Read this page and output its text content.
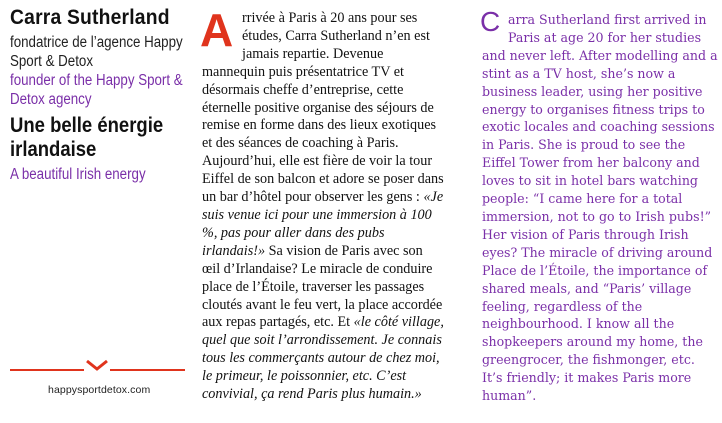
Carra Sutherland
fondatrice de l’agence Happy Sport & Detox
founder of the Happy Sport & Detox agency
Une belle énergie irlandaise
A beautiful Irish energy
happysportdetox.com
A rrivée à Paris à 20 ans pour ses études, Carra Sutherland n’en est jamais repartie. Devenue mannequin puis présentatrice TV et désormais cheffe d’entreprise, cette éternelle positive organise des séjours de remise en forme dans des lieux exotiques et des séances de coaching à Paris. Aujourd’hui, elle est fière de voir la tour Eiffel de son balcon et adore se poser dans un bar d’hôtel pour observer les gens : «Je suis venue ici pour une immersion à 100 %, pas pour aller dans des pubs irlandais!» Sa vision de Paris avec son œil d’Irlandaise? Le miracle de conduire place de l’Étoile, traverser les passages cloutés avant le feu vert, la place accordée aux repas partagés, etc. Et «le côté village, quel que soit l’arrondissement. Je connais tous les commerçants autour de chez moi, le primeur, le poissonnier, etc. C’est convivial, ça rend Paris plus humain.»

C arra Sutherland first arrived in Paris at age 20 for her studies and never left. After modelling and a stint as a TV host, she’s now a business leader, using her positive energy to organises fitness trips to exotic locales and coaching sessions in Paris. She is proud to see the Eiffel Tower from her balcony and loves to sit in hotel bars watching people: “I came here for a total immersion, not to go to Irish pubs!” Her vision of Paris through Irish eyes? The miracle of driving around Place de l’Étoile, the importance of shared meals, and “Paris’ village feeling, regardless of the neighbourhood. I know all the shopkeepers around my home, the greengrocer, the fishmonger, etc. It’s friendly; it makes Paris more human”.
